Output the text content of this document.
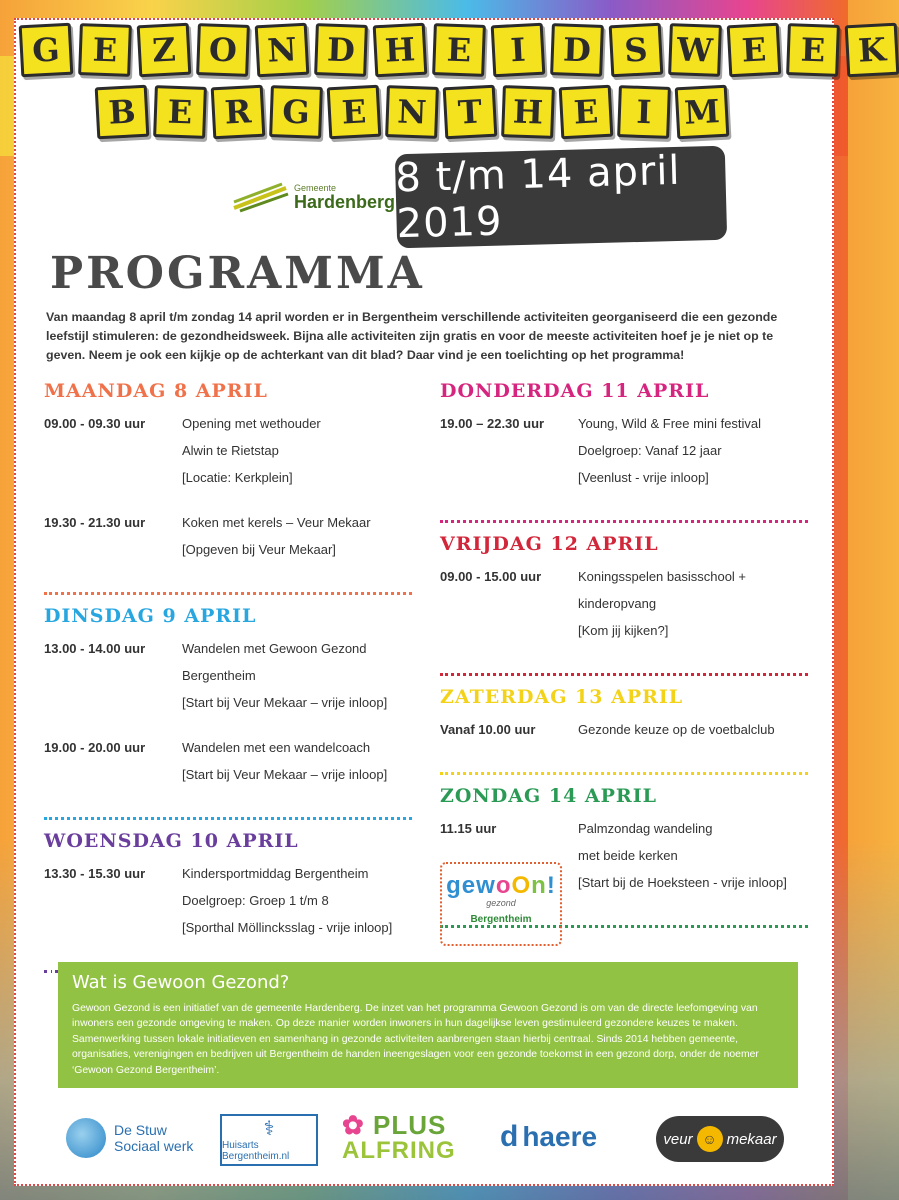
G E	Z O N D H E	I	D S W E	E K
B E R G E N T H E	I M
Gemeente
Hardenberg
8 t/m 14 april 2019
PROGRAMMA
Van maandag 8 april t/m zondag 14 april worden er in Bergentheim verschillende activiteiten georganiseerd die een gezonde leefstijl stimuleren: de gezondheidsweek. Bijna alle activiteiten zijn gratis en voor de meeste activiteiten hoef je je niet op te geven. Neem je ook een kijkje op de achterkant van dit blad? Daar vind je een toelichting op het programma!
MAANDAG 8 APRIL
09.00 - 09.30 uur	Opening met wethouder
Alwin te Rietstap
[Locatie: Kerkplein]
19.30 - 21.30 uur	Koken met kerels – Veur Mekaar
[Opgeven bij Veur Mekaar]
DINSDAG 9 APRIL
13.00 - 14.00 uur	Wandelen met Gewoon Gezond
Bergentheim
[Start bij Veur Mekaar – vrije inloop]
19.00 - 20.00 uur	Wandelen met een wandelcoach
[Start bij Veur Mekaar – vrije inloop]
WOENSDAG 10 APRIL
13.30 - 15.30 uur	Kindersportmiddag Bergentheim
Doelgroep: Groep 1 t/m 8
[Sporthal Möllincksslag - vrije inloop]
DONDERDAG 11 APRIL
19.00 – 22.30 uur	Young, Wild & Free mini festival
Doelgroep: Vanaf 12 jaar
[Veenlust - vrije inloop]
VRIJDAG 12 APRIL
09.00 - 15.00 uur	Koningsspelen basisschool +
kinderopvang
[Kom jij kijken?]
ZATERDAG 13 APRIL
Vanaf 10.00 uur	Gezonde keuze op de voetbalclub
ZONDAG 14 APRIL
11.15 uur	Palmzondag wandeling
met beide kerken
[Start bij de Hoeksteen - vrije inloop]
gewoOn!
gezond
Bergentheim
Wat is Gewoon Gezond?
Gewoon Gezond is een initiatief van de gemeente Hardenberg. De inzet van het programma Gewoon Gezond is om van de directe leefomgeving van inwoners een gezonde omgeving te maken. Op deze manier worden inwoners in hun dagelijkse leven gestimuleerd gezondere keuzes te maken. Samenwerking tussen lokale initiatieven en samenhang in gezonde activiteiten aanbrengen staan hierbij centraal. Sinds 2014 hebben gemeente, organisaties, verenigingen en bedrijven uit Bergentheim de handen ineengeslagen voor een gezonde toekomst in een gezond dorp, onder de noemer ‘Gewoon Gezond Bergentheim’.
De Stuw
Sociaal werk
⚕
Huisarts Bergentheim.nl
✿ PLUS
ALFRING d haere	veur ☺ mekaar
